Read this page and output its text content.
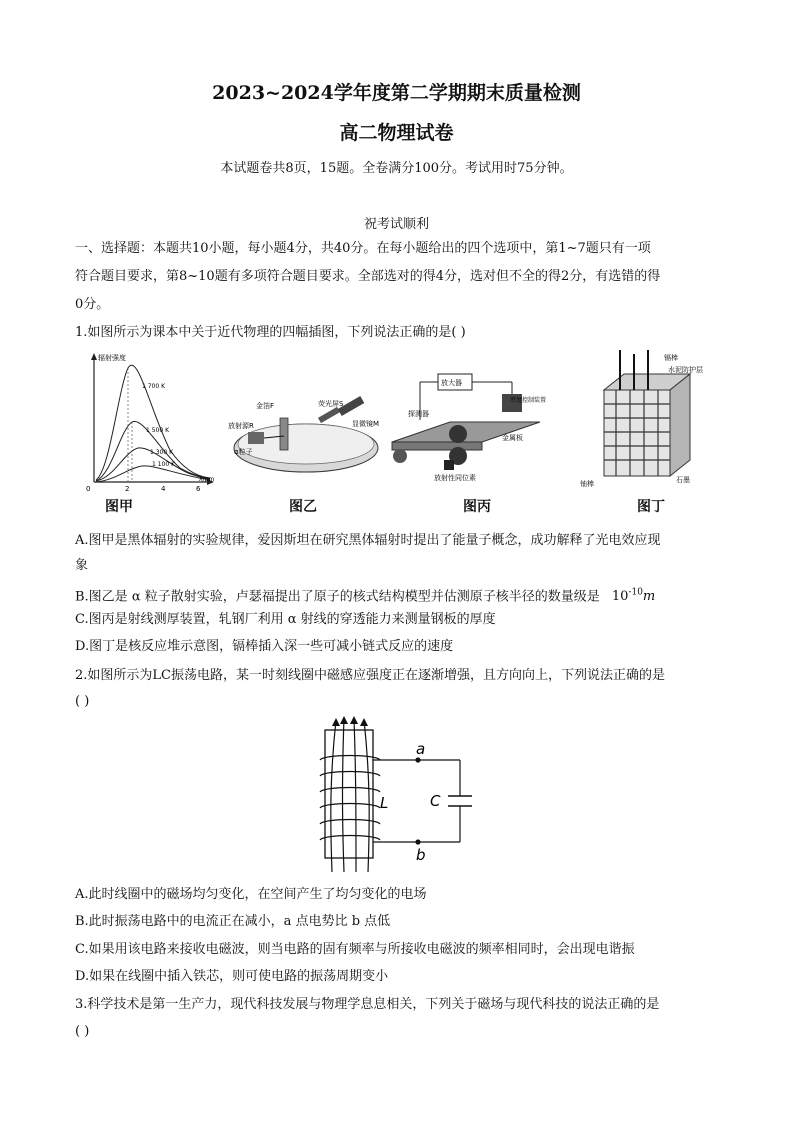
2023~2024学年度第二学期期末质量检测
高二物理试卷
本试题卷共8页，15题。全卷满分100分。考试用时75分钟。
祝考试顺利
一、选择题：本题共10小题，每小题4分，共40分。在每小题给出的四个选项中，第1~7题只有一项
符合题目要求，第8~10题有多项符合题目要求。全部选对的得4分，选对但不全的得2分，有选错的得
0分。
1.如图所示为课本中关于近代物理的四幅插图，下列说法正确的是( )
辐射强度
1 700 K
1 500 K
1 300 K
1 100 K
0	2	4	6
λ/μm
图甲
放射源R
金箔F	荧光屏S
显微镜M
α粒子
图乙
放大器

厚度控制装置
探测器
金属板
放射性同位素
图丙
镉棒
水泥防护层
铀棒	石墨
图丁
A.图甲是黑体辐射的实验规律，爱因斯坦在研究黑体辐射时提出了能量子概念，成功解释了光电效应现
象
B.图乙是 α 粒子散射实验，卢瑟福提出了原子的核式结构模型并估测原子核半径的数量级是 $10^{-10}m$
C.图丙是射线测厚装置，轧钢厂利用 α 射线的穿透能力来测量钢板的厚度
D.图丁是核反应堆示意图，镉棒插入深一些可减小链式反应的速度
2.如图所示为LC振荡电路，某一时刻线圈中磁感应强度正在逐渐增强，且方向向上，下列说法正确的是
( )
a
b
L	C
A.此时线圈中的磁场均匀变化，在空间产生了均匀变化的电场
B.此时振荡电路中的电流正在减小，a 点电势比 b 点低
C.如果用该电路来接收电磁波，则当电路的固有频率与所接收电磁波的频率相同时，会出现电谐振
D.如果在线圈中插入铁芯，则可使电路的振荡周期变小
3.科学技术是第一生产力，现代科技发展与物理学息息相关，下列关于磁场与现代科技的说法正确的是
( )
